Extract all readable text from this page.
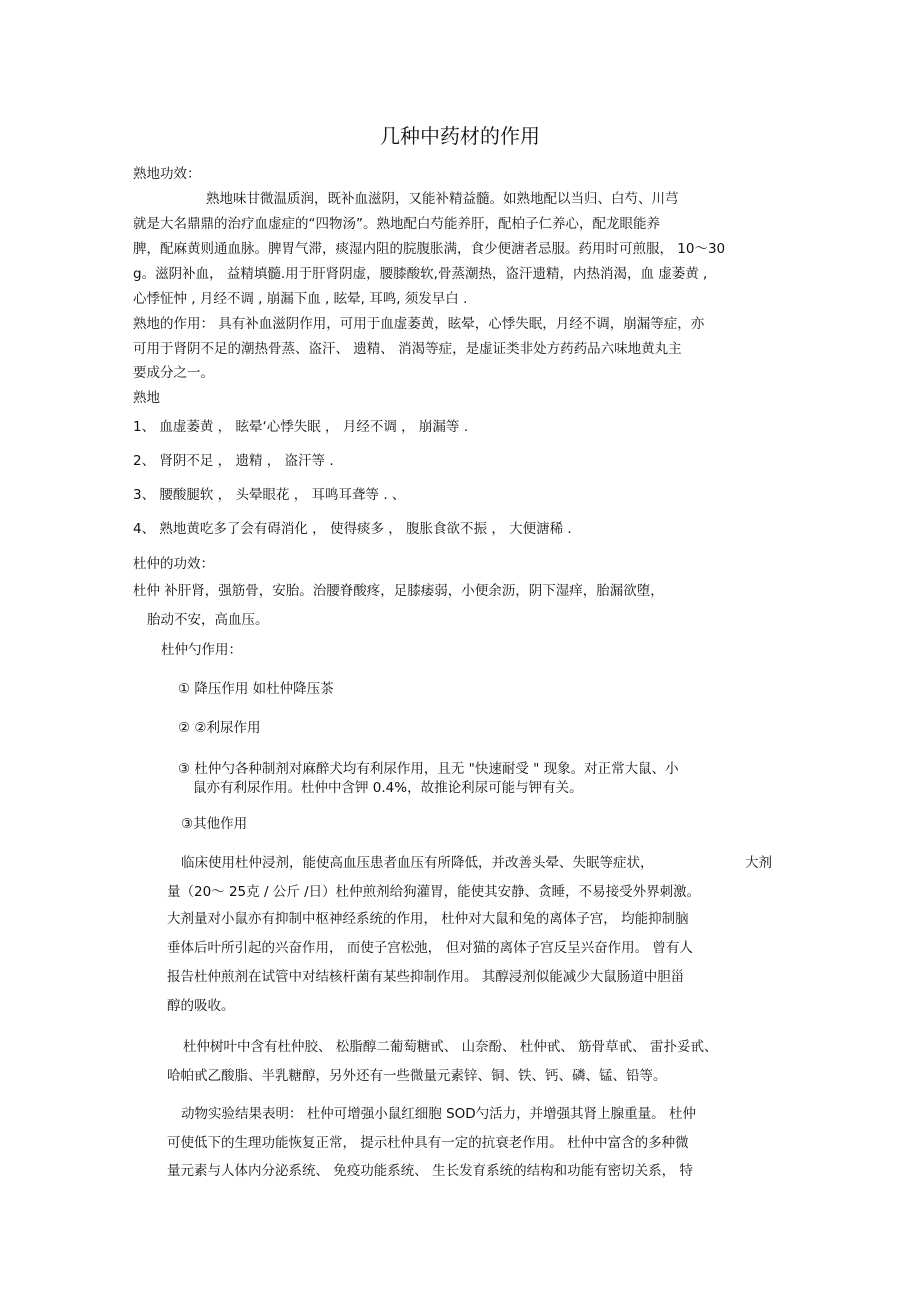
几种中药材的作用
熟地功效：
熟地味甘微温质润，既补血滋阴，又能补精益髓。如熟地配以当归、白芍、川芎
就是大名鼎鼎的治疗血虚症的“四物汤”。熟地配白芍能养肝，配柏子仁养心，配龙眼能养
脾，配麻黄则通血脉。脾胃气滞，痰湿内阻的脘腹胀满，食少便溏者忌服。药用时可煎服， 10～30
g。滋阴补血， 益精填髓.用于肝肾阴虚，腰膝酸软,骨蒸潮热，盗汗遗精，内热消渴，血 虚萎黄 ,
心悸怔忡 , 月经不调 , 崩漏下血 , 眩晕, 耳鸣, 须发早白 .
熟地的作用： 具有补血滋阴作用，可用于血虚萎黄，眩晕，心悸失眠，月经不调，崩漏等症，亦
可用于肾阴不足的潮热骨蒸、盗汗、 遗精、 消渴等症，是虚证类非处方药药品六味地黄丸主
要成分之一。
熟地
1、 血虚萎黄 ， 眩晕‘心悸失眠 ， 月经不调 ， 崩漏等 .
2、 肾阴不足 ， 遗精 ， 盗汗等 .
3、 腰酸腿软 ， 头晕眼花 ， 耳鸣耳聋等 . 、
4、 熟地黄吃多了会有碍消化 ， 使得痰多 ， 腹胀食欲不振 ， 大便溏稀 .
杜仲的功效：
杜仲 补肝肾，强筋骨，安胎。治腰脊酸疼，足膝痿弱，小便余沥，阴下湿痒，胎漏欲堕，
胎动不安，高血压。
杜仲勺作用：
① 降压作用 如杜仲降压茶
② ②利尿作用
③ 杜仲勺各种制剂对麻醉犬均有利尿作用，且无 "快速耐受 " 现象。对正常大鼠、小
鼠亦有利尿作用。杜仲中含钾 0.4%，故推论利尿可能与钾有关。
③其他作用
临床使用杜仲浸剂，能使高血压患者血压有所降低，并改善头晕、失眠等症状，	大剂
量（20～ 25克 / 公斤 /日）杜仲煎剂给狗灌胃，能使其安静、贪睡，不易接受外界刺激。
大剂量对小鼠亦有抑制中枢神经系统的作用， 杜仲对大鼠和兔的离体子宫， 均能抑制脑
垂体后叶所引起的兴奋作用， 而使子宫松弛， 但对猫的离体子宫反呈兴奋作用。 曾有人
报告杜仲煎剂在试管中对结核杆菌有某些抑制作用。 其醇浸剂似能减少大鼠肠道中胆甾
醇的吸收。
杜仲树叶中含有杜仲胶、 松脂醇二葡萄糖甙、 山奈酚、 杜仲甙、 筋骨草甙、 雷扑妥甙、
哈帕甙乙酸脂、半乳糖醇，另外还有一些微量元素锌、铜、铁、钙、磷、锰、铅等。
动物实验结果表明： 杜仲可增强小鼠红细胞 SOD勺活力，并增强其肾上腺重量。 杜仲
可使低下的生理功能恢复正常， 提示杜仲具有一定的抗衰老作用。 杜仲中富含的多种微
量元素与人体内分泌系统、 免疫功能系统、 生长发育系统的结构和功能有密切关系， 特
